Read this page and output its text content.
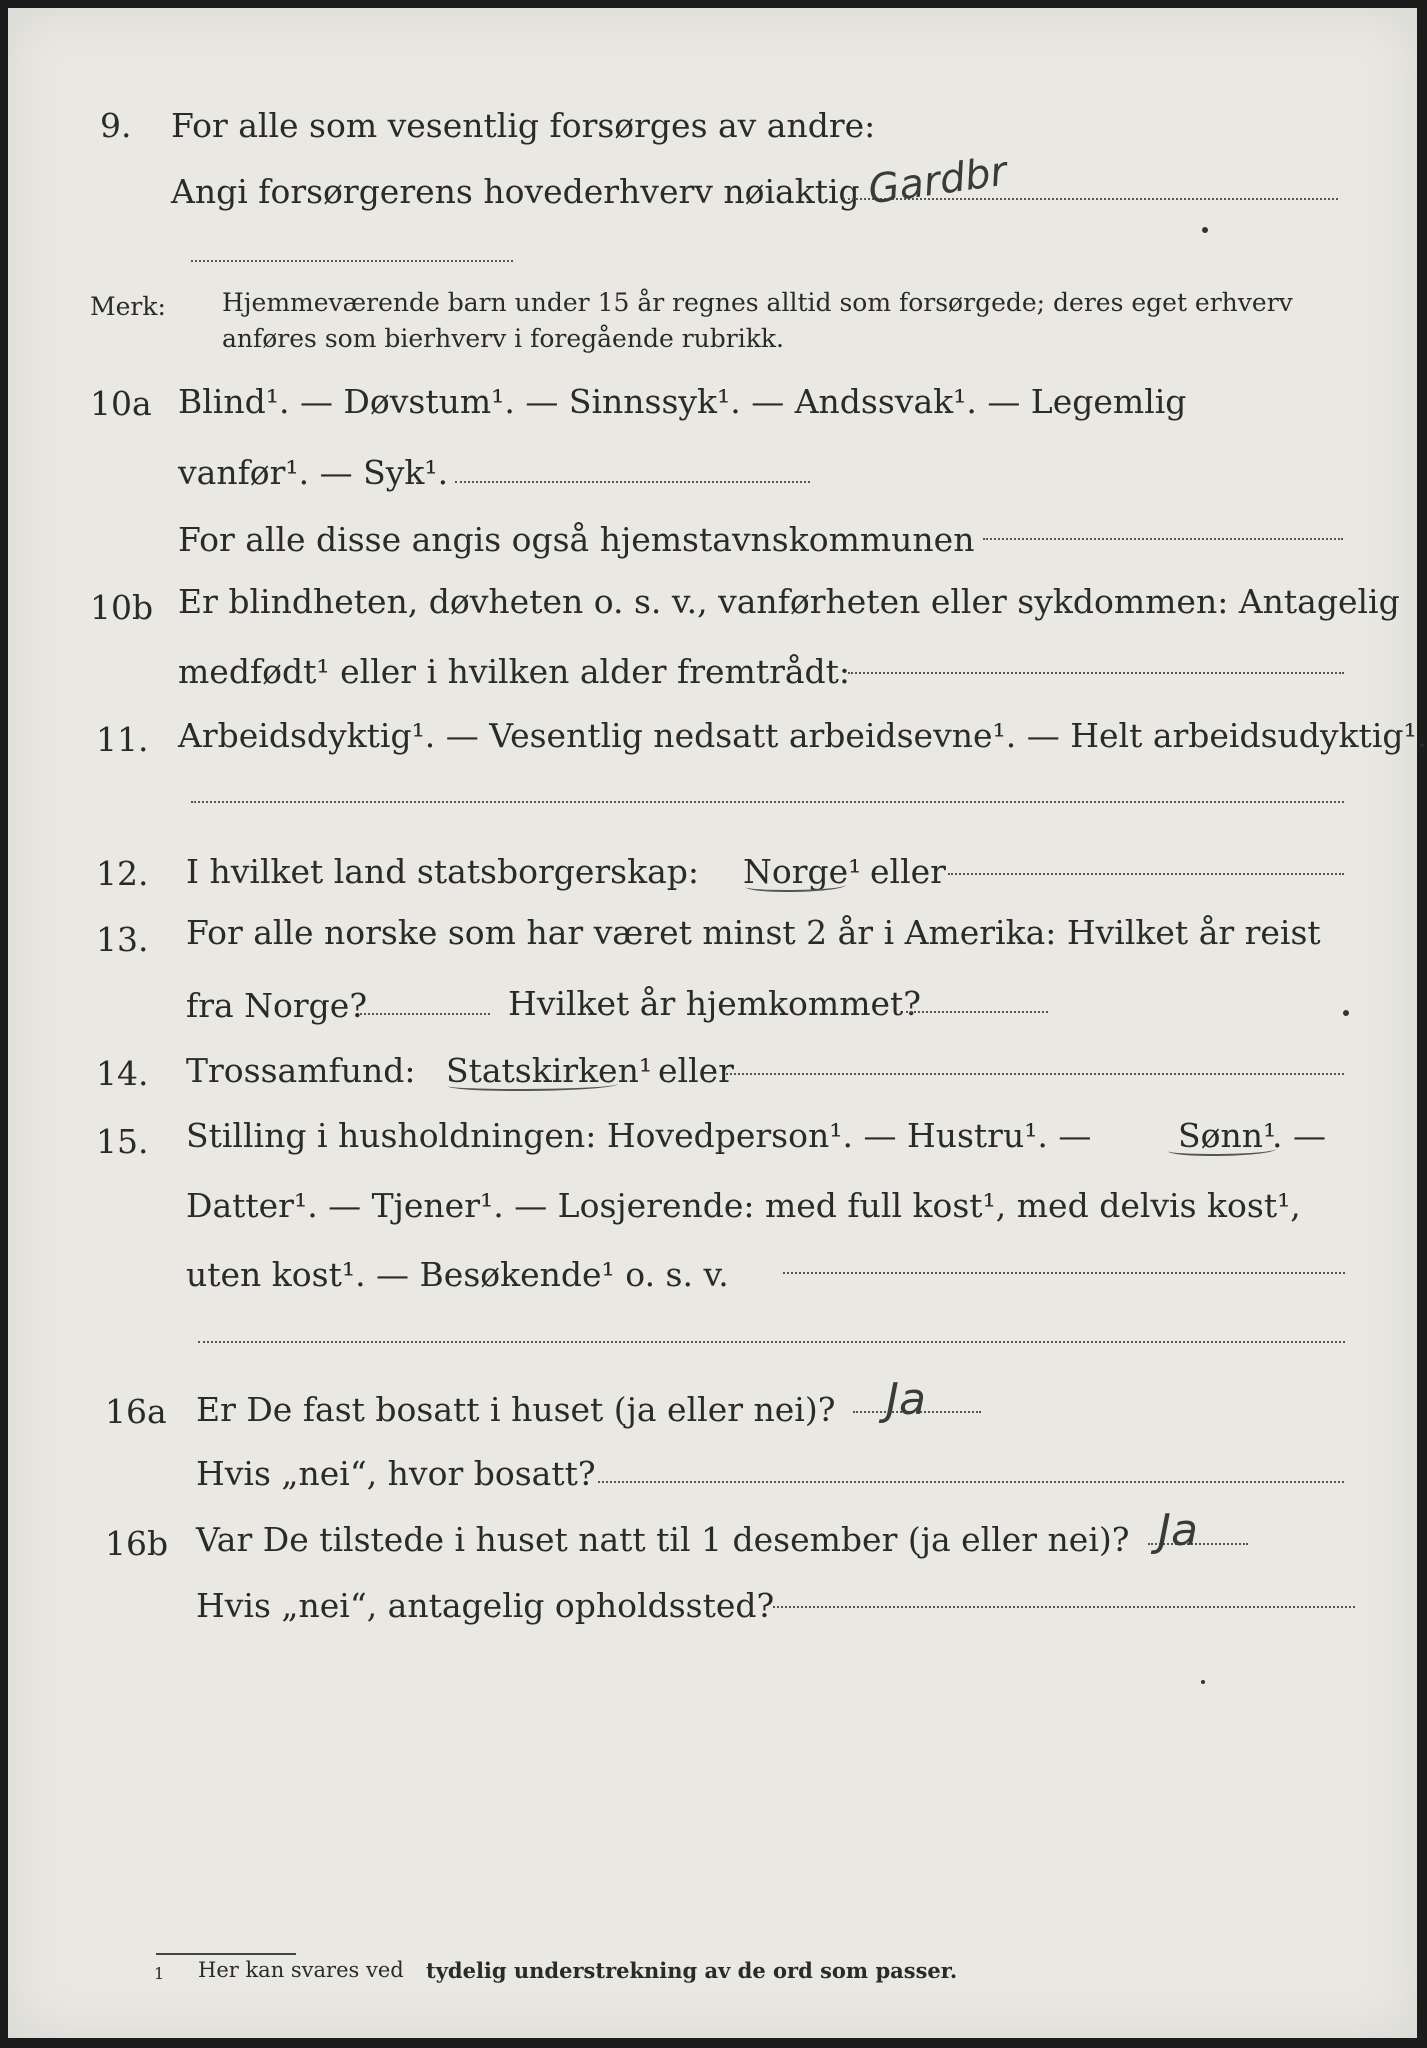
9. For alle som vesentlig forsørges av andre:
Angi forsørgerens hovederhverv nøiaktig Gardbr
Merk: Hjemmeværende barn under 15 år regnes alltid som forsørgede; deres eget erhverv
anføres som bierhverv i foregående rubrikk.
10a Blind¹. — Døvstum¹. — Sinnssyk¹. — Andssvak¹. — Legemlig
vanfør¹. — Syk¹.
For alle disse angis også hjemstavnskommunen
10b Er blindheten, døvheten o. s. v., vanførheten eller sykdommen: Antagelig
medfødt¹ eller i hvilken alder fremtrådt:
11. Arbeidsdyktig¹. — Vesentlig nedsatt arbeidsevne¹. — Helt arbeidsudyktig¹.
12. I hvilket land statsborgerskap: Norge¹ eller
13. For alle norske som har været minst 2 år i Amerika: Hvilket år reist
fra Norge?	Hvilket år hjemkommet?
14. Trossamfund: Statskirken¹ eller
15. Stilling i husholdningen: Hovedperson¹. — Hustru¹. —	Sønn¹
. —
Datter¹. — Tjener¹. — Losjerende: med full kost¹, med delvis kost¹,
uten kost¹. — Besøkende¹ o. s. v.
16a Er De fast bosatt i huset (ja eller nei)? Ja
Hvis „nei“, hvor bosatt?
16b Var De tilstede i huset natt til 1 desember (ja eller nei)? Ja
Hvis „nei“, antagelig opholdssted?
1 Her kan svares ved tydelig understrekning av de ord som passer.
